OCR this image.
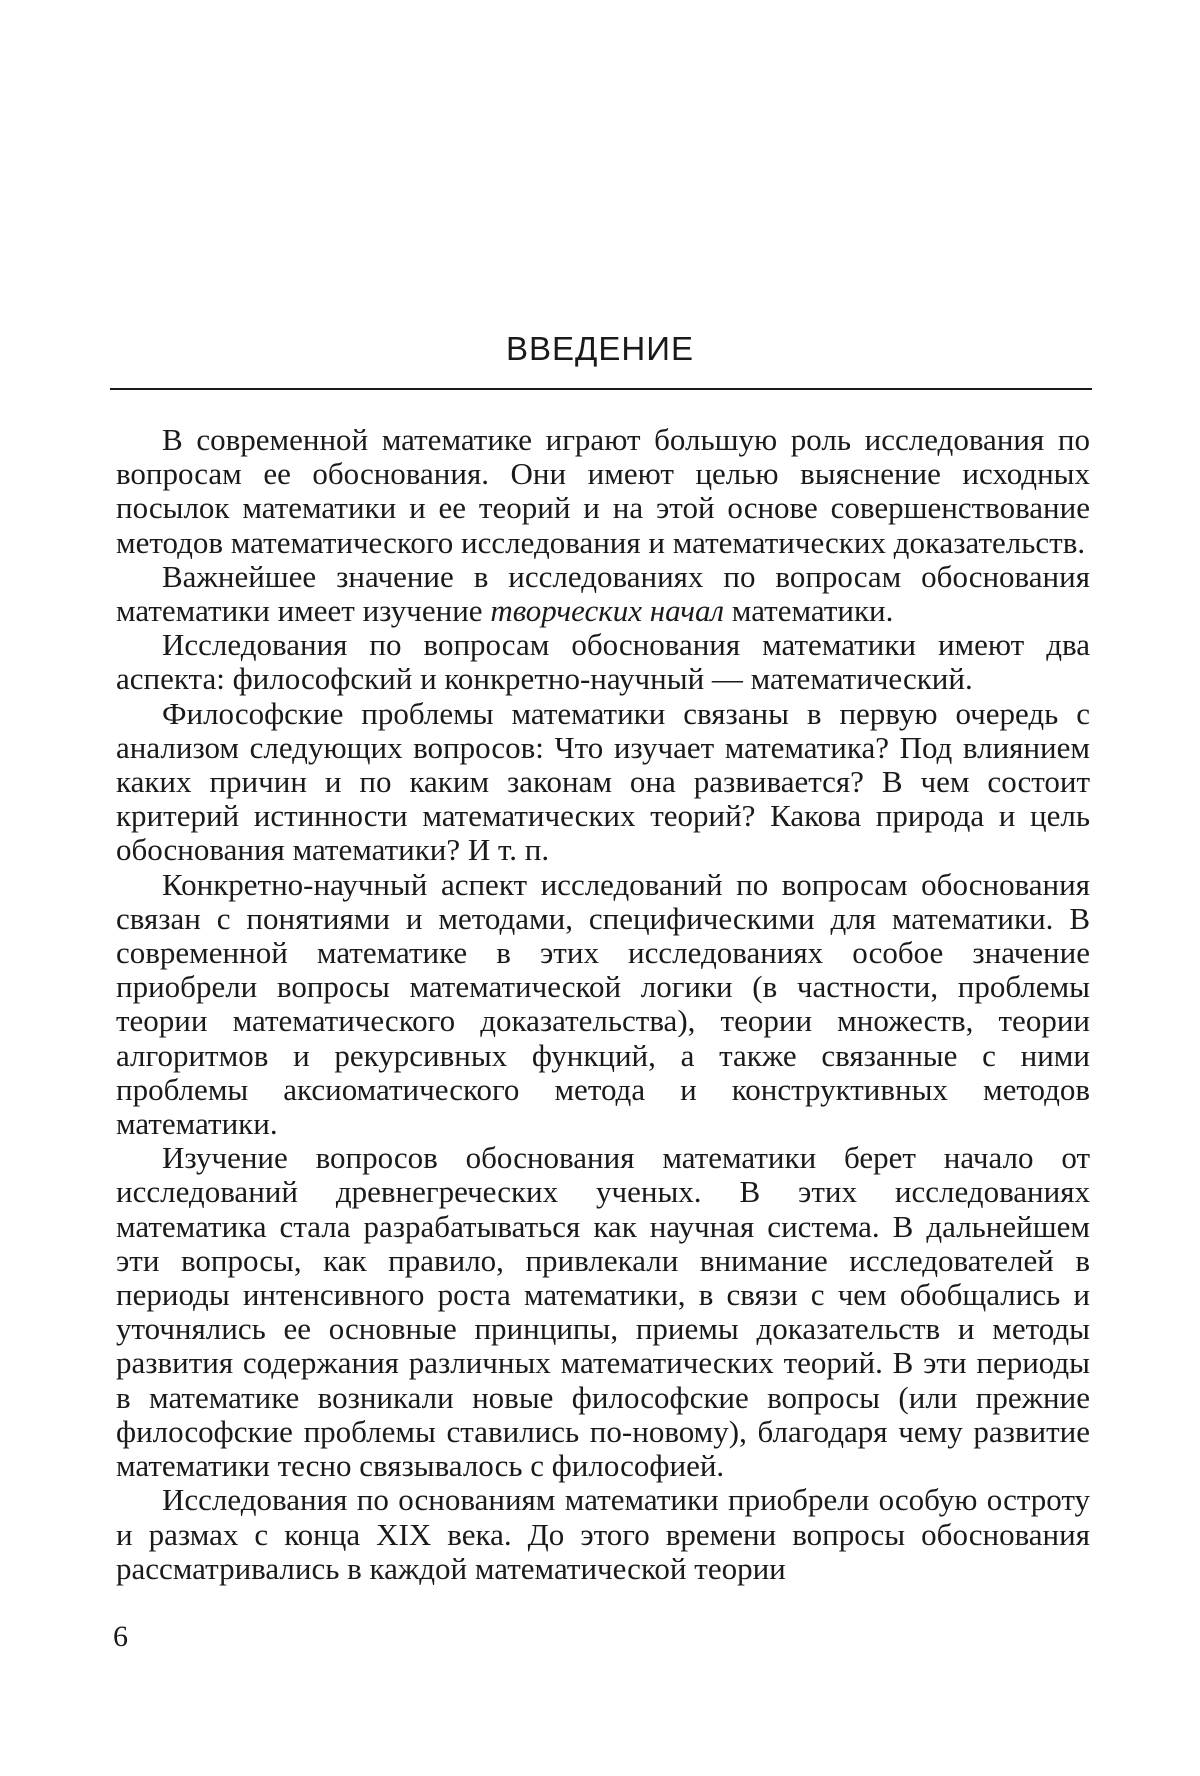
ВВЕДЕНИЕ

В современной математике играют большую роль исследования по вопросам ее обоснования. Они имеют целью выяснение исходных посылок математики и ее теорий и на этой основе совершенствование методов математического исследования и математических доказательств.

Важнейшее значение в исследованиях по вопросам обоснования математики имеет изучение творческих начал математики.

Исследования по вопросам обоснования математики имеют два аспекта: философский и конкретно-научный — математический.

Философские проблемы математики связаны в первую очередь с анализом следующих вопросов: Что изучает математика? Под влиянием каких причин и по каким законам она развивается? В чем состоит критерий истинности математических теорий? Какова природа и цель обоснования математики? И т. п.

Конкретно-научный аспект исследований по вопросам обоснования связан с понятиями и методами, специфическими для математики. В современной математике в этих исследованиях особое значение приобрели вопросы математической логики (в частности, проблемы теории математического доказательства), теории множеств, теории алгоритмов и рекурсивных функций, а также связанные с ними проблемы аксиоматического метода и конструктивных методов математики.

Изучение вопросов обоснования математики берет начало от исследований древнегреческих ученых. В этих исследованиях математика стала разрабатываться как научная система. В дальнейшем эти вопросы, как правило, привлекали внимание исследователей в периоды интенсивного роста математики, в связи с чем обобщались и уточнялись ее основные принципы, приемы доказательств и методы развития содержания различных математических теорий. В эти периоды в математике возникали новые философские вопросы (или прежние философские проблемы ставились по-новому), благодаря чему развитие математики тесно связывалось с философией.

Исследования по основаниям математики приобрели особую остроту и размах с конца XIX века. До этого времени вопросы обоснования рассматривались в каждой математической теории

6
